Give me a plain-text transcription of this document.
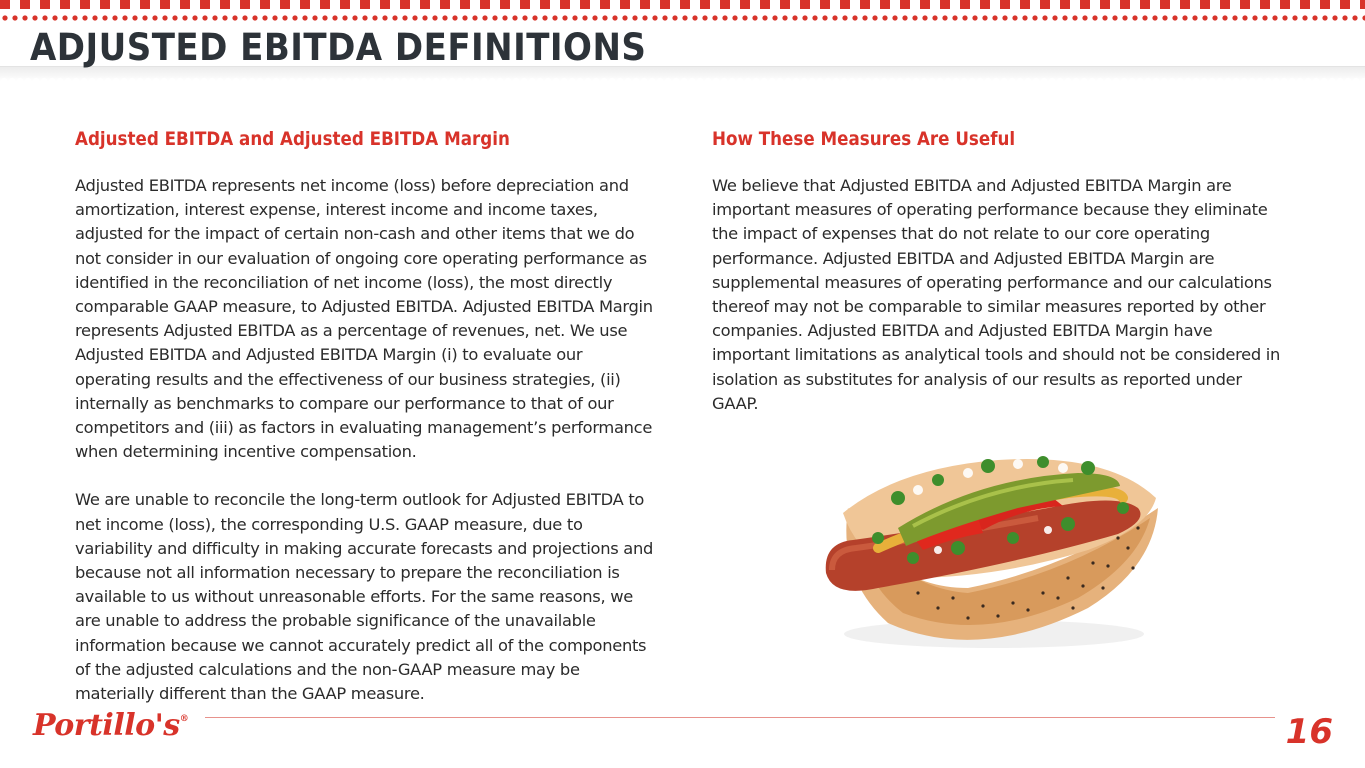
ADJUSTED EBITDA DEFINITIONS
Adjusted EBITDA and Adjusted EBITDA Margin

Adjusted EBITDA represents net income (loss) before depreciation and amortization, interest expense, interest income and income taxes, adjusted for the impact of certain non-cash and other items that we do not consider in our evaluation of ongoing core operating performance as identified in the reconciliation of net income (loss), the most directly comparable GAAP measure, to Adjusted EBITDA. Adjusted EBITDA Margin represents Adjusted EBITDA as a percentage of revenues, net. We use Adjusted EBITDA and Adjusted EBITDA Margin (i) to evaluate our operating results and the effectiveness of our business strategies, (ii) internally as benchmarks to compare our performance to that of our competitors and (iii) as factors in evaluating management’s performance when determining incentive compensation.

We are unable to reconcile the long-term outlook for Adjusted EBITDA to net income (loss), the corresponding U.S. GAAP measure, due to variability and difficulty in making accurate forecasts and projections and because not all information necessary to prepare the reconciliation is available to us without unreasonable efforts. For the same reasons, we are unable to address the probable significance of the unavailable information because we cannot accurately predict all of the components of the adjusted calculations and the non-GAAP measure may be materially different than the GAAP measure.

How These Measures Are Useful

We believe that Adjusted EBITDA and Adjusted EBITDA Margin are important measures of operating performance because they eliminate the impact of expenses that do not relate to our core operating performance. Adjusted EBITDA and Adjusted EBITDA Margin are supplemental measures of operating performance and our calculations thereof may not be comparable to similar measures reported by other companies. Adjusted EBITDA and Adjusted EBITDA Margin have important limitations as analytical tools and should not be considered in isolation as substitutes for analysis of our results as reported under GAAP.

Portillo's®	16
